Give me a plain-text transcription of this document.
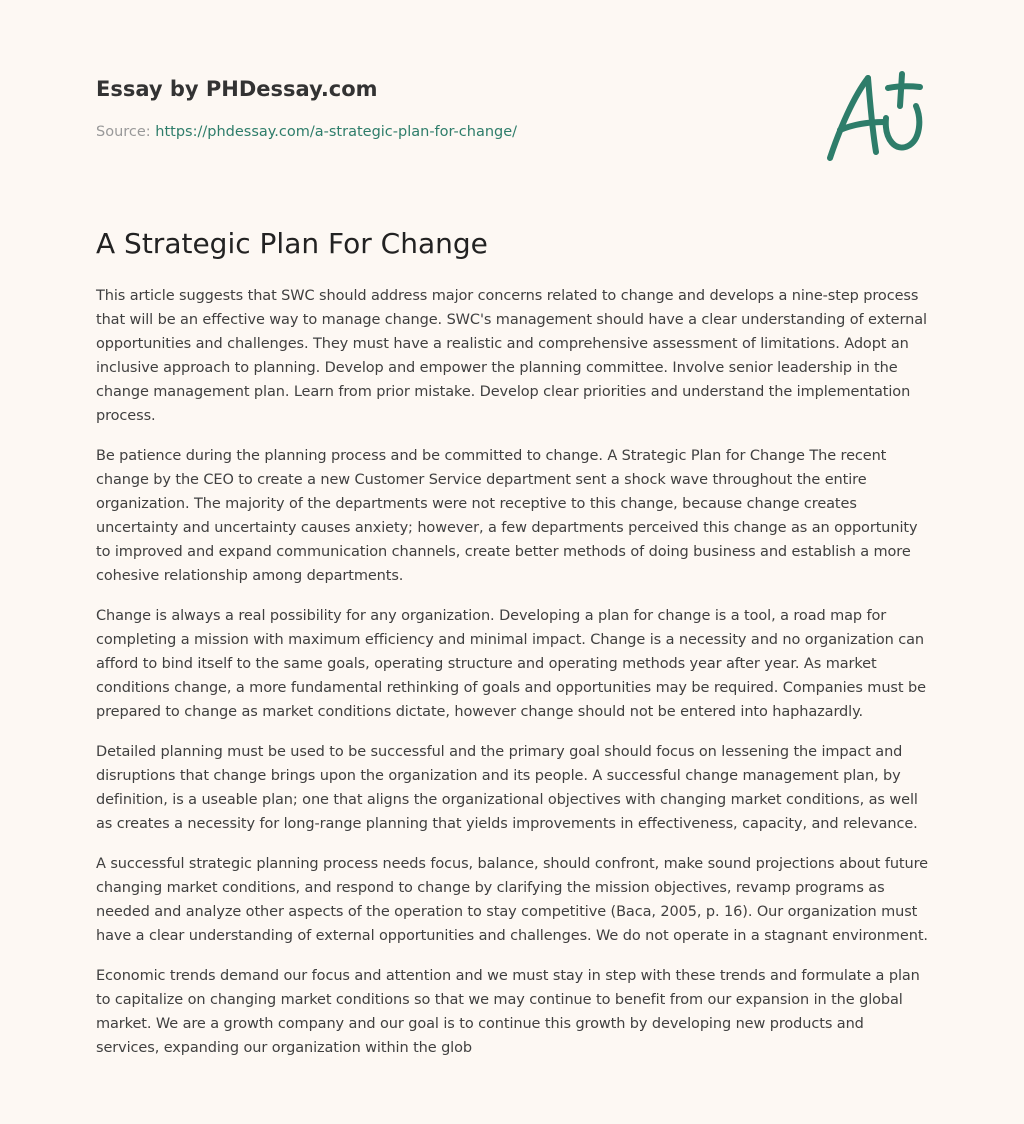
Essay by PHDessay.com
Source: https://phdessay.com/a-strategic-plan-for-change/
A Strategic Plan For Change

This article suggests that SWC should address major concerns related to change and develops a nine-step process that will be an effective way to manage change. SWC's management should have a clear understanding of external opportunities and challenges. They must have a realistic and comprehensive assessment of limitations. Adopt an inclusive approach to planning. Develop and empower the planning committee. Involve senior leadership in the change management plan. Learn from prior mistake. Develop clear priorities and understand the implementation process.

Be patience during the planning process and be committed to change. A Strategic Plan for Change The recent change by the CEO to create a new Customer Service department sent a shock wave throughout the entire organization. The majority of the departments were not receptive to this change, because change creates uncertainty and uncertainty causes anxiety; however, a few departments perceived this change as an opportunity to improved and expand communication channels, create better methods of doing business and establish a more cohesive relationship among departments.

Change is always a real possibility for any organization. Developing a plan for change is a tool, a road map for completing a mission with maximum efficiency and minimal impact. Change is a necessity and no organization can afford to bind itself to the same goals, operating structure and operating methods year after year. As market conditions change, a more fundamental rethinking of goals and opportunities may be required. Companies must be prepared to change as market conditions dictate, however change should not be entered into haphazardly.

Detailed planning must be used to be successful and the primary goal should focus on lessening the impact and disruptions that change brings upon the organization and its people. A successful change management plan, by definition, is a useable plan; one that aligns the organizational objectives with changing market conditions, as well as creates a necessity for long-range planning that yields improvements in effectiveness, capacity, and relevance.

A successful strategic planning process needs focus, balance, should confront, make sound projections about future changing market conditions, and respond to change by clarifying the mission objectives, revamp programs as needed and analyze other aspects of the operation to stay competitive (Baca, 2005, p. 16). Our organization must have a clear understanding of external opportunities and challenges. We do not operate in a stagnant environment.

Economic trends demand our focus and attention and we must stay in step with these trends and formulate a plan to capitalize on changing market conditions so that we may continue to benefit from our expansion in the global market. We are a growth company and our goal is to continue this growth by developing new products and services, expanding our organization within the glob
